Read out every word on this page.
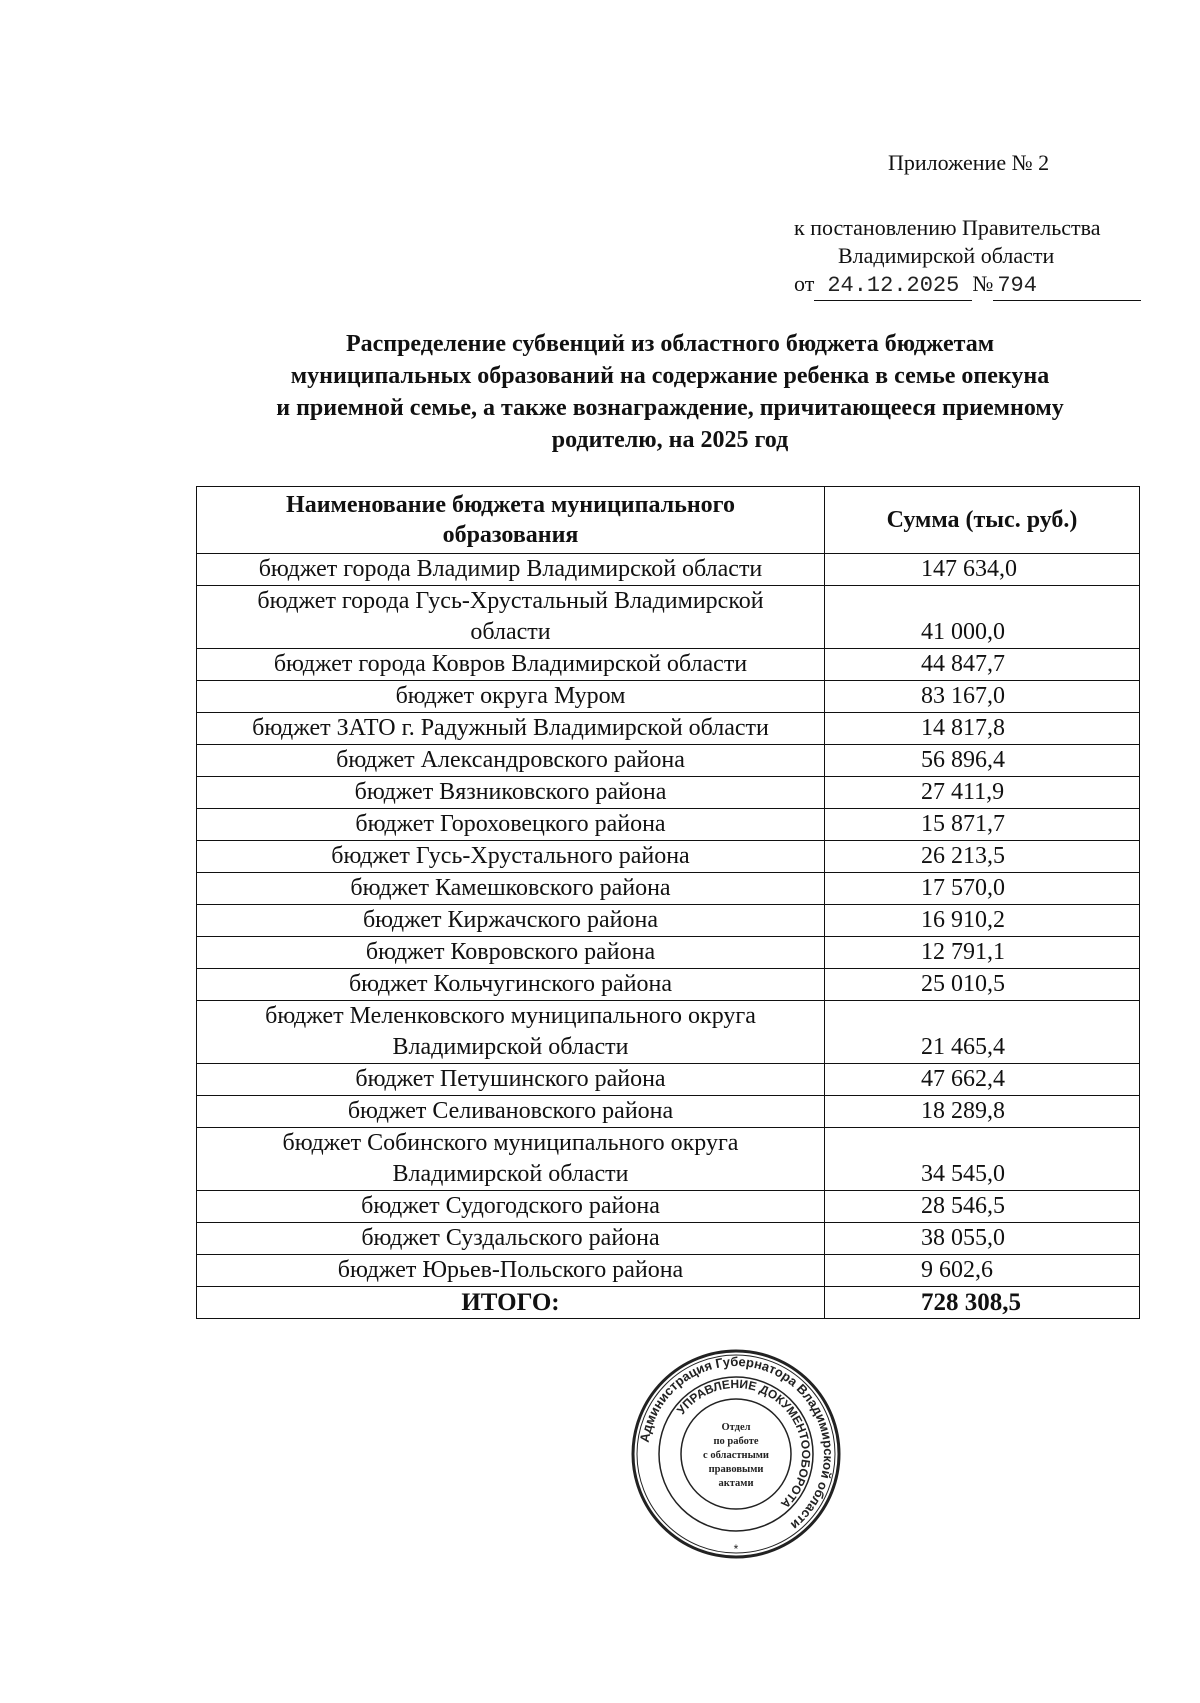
Приложение № 2
к постановлению Правительства
Владимирской области
от 24.12.2025 № 794
Распределение субвенций из областного бюджета бюджетам
муниципальных образований на содержание ребенка в семье опекуна
и приемной семье, а также вознаграждение, причитающееся приемному
родителю, на 2025 год
Наименование бюджета муниципального
образования	Сумма (тыс. руб.)
бюджет города Владимир Владимирской области	147 634,0

бюджет города Гусь-Хрустальный Владимирской
области	41 000,0
бюджет города Ковров Владимирской области	44 847,7
бюджет округа Муром	83 167,0
бюджет ЗАТО г. Радужный Владимирской области	14 817,8
бюджет Александровского района	56 896,4
бюджет Вязниковского района	27 411,9
бюджет Гороховецкого района	15 871,7
бюджет Гусь-Хрустального района	26 213,5
бюджет Камешковского района	17 570,0
бюджет Киржачского района	16 910,2
бюджет Ковровского района	12 791,1
бюджет Кольчугинского района	25 010,5

бюджет Меленковского муниципального округа
Владимирской области	21 465,4
бюджет Петушинского района	47 662,4
бюджет Селивановского района	18 289,8

бюджет Собинского муниципального округа
Владимирской области	34 545,0
бюджет Судогодского района	28 546,5
бюджет Суздальского района	38 055,0
бюджет Юрьев-Польского района	9 602,6
ИТОГО:	728 308,5
Администрация Губернатора Владимирской области
УПРАВЛЕНИЕ ДОКУМЕНТООБОРОТА
Отдел
по работе
с областными
правовыми
актами
*
